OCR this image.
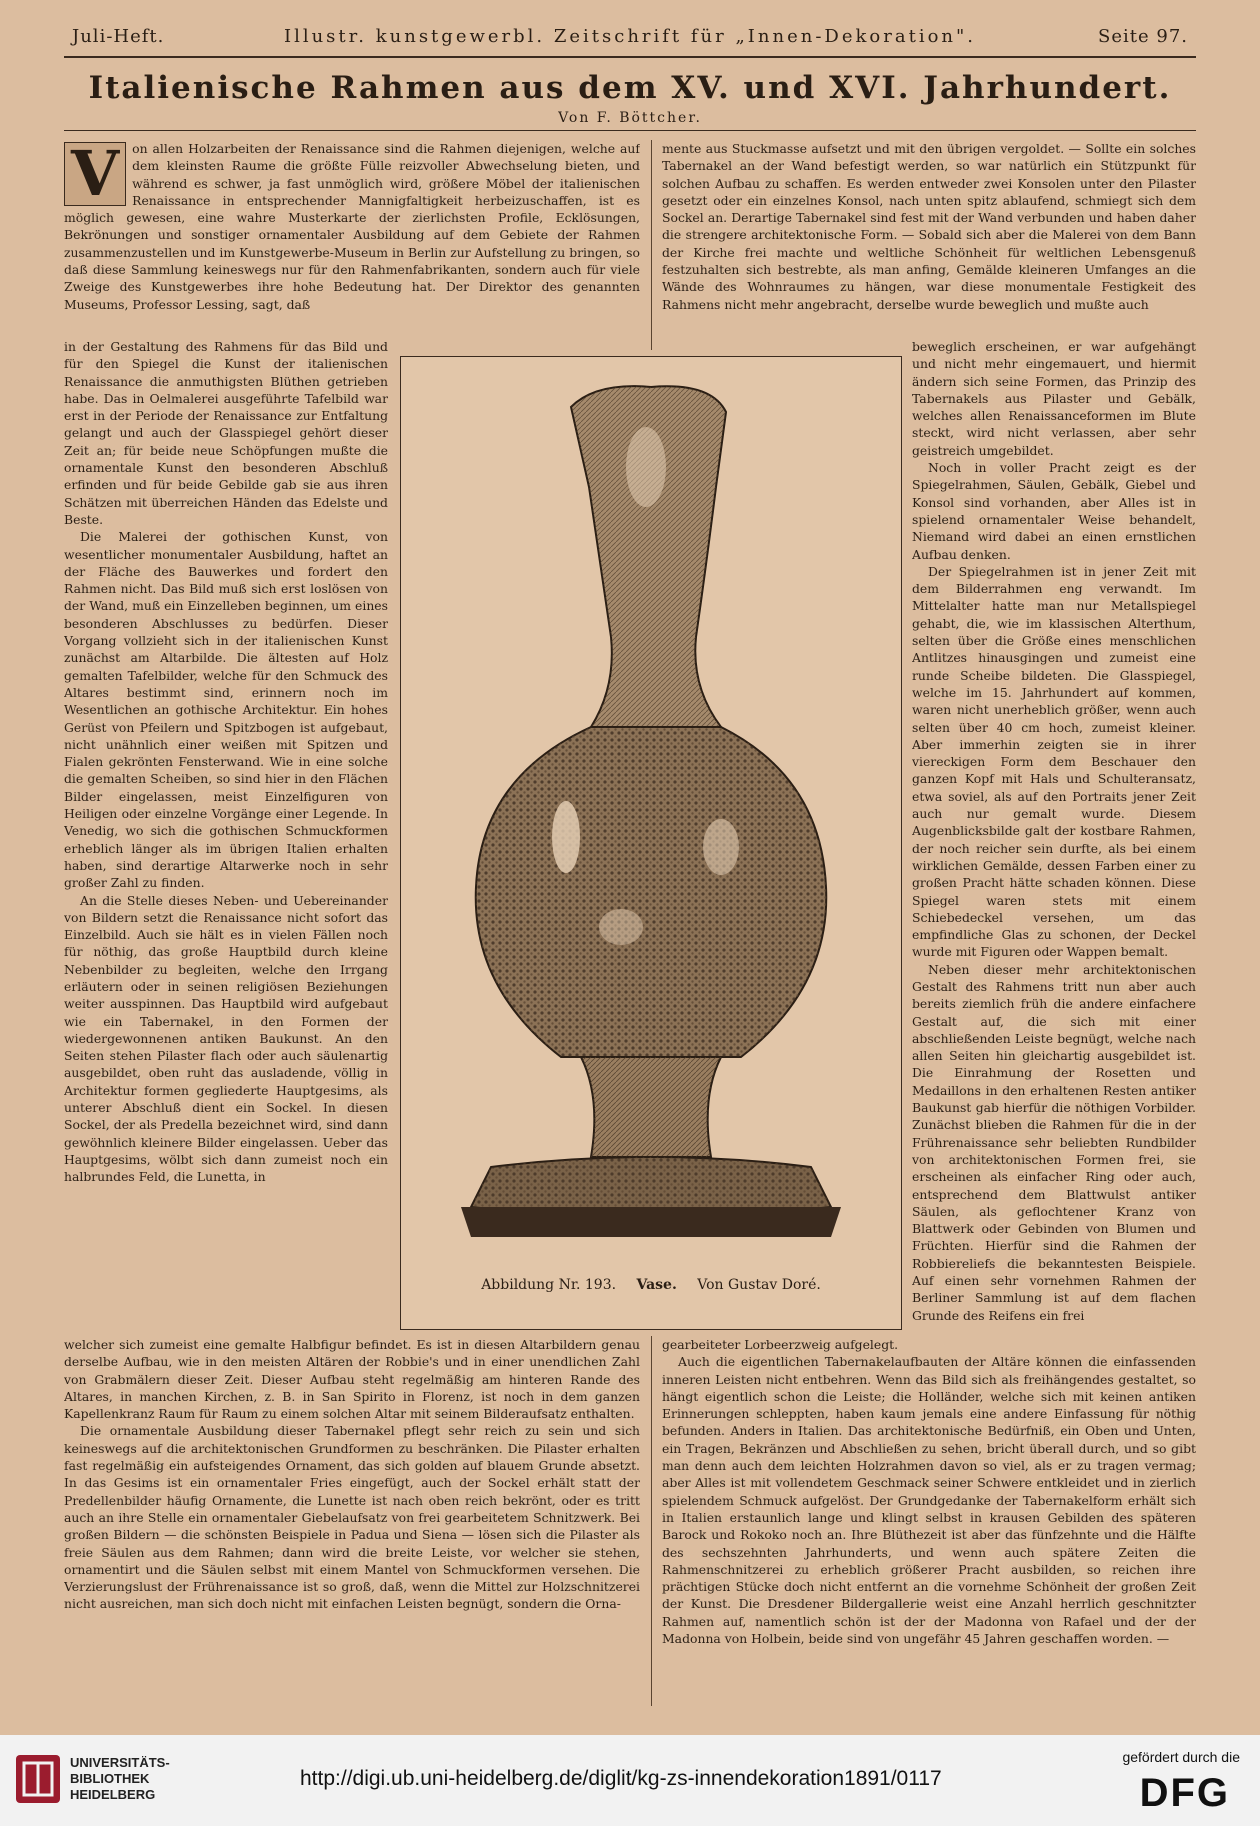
Juli-Heft.	Illustr. kunstgewerbl. Zeitschrift für „Innen-Dekoration".	Seite 97.
Italienische Rahmen aus dem XV. und XVI. Jahrhundert.
Von F. Böttcher.

V	on allen Holzarbeiten der Renaissance sind die Rahmen diejenigen, welche auf dem kleinsten Raume die größte Fülle reizvoller Abwechselung bieten, und während es schwer, ja fast unmöglich wird, größere Möbel der italienischen Renaissance in entsprechender Mannigfaltigkeit herbeizuschaffen, ist es möglich gewesen, eine wahre Musterkarte der zierlichsten Profile, Ecklösungen, Bekrönungen und sonstiger ornamentaler Ausbildung auf dem Gebiete der Rahmen zusammenzustellen und im Kunstgewerbe-Museum in Berlin zur Aufstellung zu bringen, so daß diese Sammlung keineswegs nur für den Rahmenfabrikanten, sondern auch für viele Zweige des Kunstgewerbes ihre hohe Bedeutung hat. Der Direktor des genannten Museums, Professor Lessing, sagt, daß

mente aus Stuckmasse aufsetzt und mit den übrigen vergoldet. — Sollte ein solches Tabernakel an der Wand befestigt werden, so war natürlich ein Stützpunkt für solchen Aufbau zu schaffen. Es werden entweder zwei Konsolen unter den Pilaster gesetzt oder ein einzelnes Konsol, nach unten spitz ablaufend, schmiegt sich dem Sockel an. Derartige Tabernakel sind fest mit der Wand verbunden und haben daher die strengere architektonische Form. — Sobald sich aber die Malerei von dem Bann der Kirche frei machte und weltliche Schönheit für weltlichen Lebensgenuß festzuhalten sich bestrebte, als man anfing, Gemälde kleineren Umfanges an die Wände des Wohnraumes zu hängen, war diese monumentale Festigkeit des Rahmens nicht mehr angebracht, derselbe wurde beweglich und mußte auch

in der Gestaltung des Rahmens für das Bild und für den Spiegel die Kunst der italienischen Renaissance die anmuthigsten Blüthen getrieben habe. Das in Oelmalerei ausgeführte Tafelbild war erst in der Periode der Renaissance zur Entfaltung gelangt und auch der Glasspiegel gehört dieser Zeit an; für beide neue Schöpfungen mußte die ornamentale Kunst den besonderen Abschluß erfinden und für beide Gebilde gab sie aus ihren Schätzen mit überreichen Händen das Edelste und Beste.

Die Malerei der gothischen Kunst, von wesentlicher monumentaler Ausbildung, haftet an der Fläche des Bauwerkes und fordert den Rahmen nicht. Das Bild muß sich erst loslösen von der Wand, muß ein Einzelleben beginnen, um eines besonderen Abschlusses zu bedürfen. Dieser Vorgang vollzieht sich in der italienischen Kunst zunächst am Altarbilde. Die ältesten auf Holz gemalten Tafelbilder, welche für den Schmuck des Altares bestimmt sind, erinnern noch im Wesentlichen an gothische Architektur. Ein hohes Gerüst von Pfeilern und Spitzbogen ist aufgebaut, nicht unähnlich einer weißen mit Spitzen und Fialen gekrönten Fensterwand. Wie in eine solche die gemalten Scheiben, so sind hier in den Flächen Bilder eingelassen, meist Einzelfiguren von Heiligen oder einzelne Vorgänge einer Legende. In Venedig, wo sich die gothischen Schmuckformen erheblich länger als im übrigen Italien erhalten haben, sind derartige Altarwerke noch in sehr großer Zahl zu finden.

An die Stelle dieses Neben- und Uebereinander von Bildern setzt die Renaissance nicht sofort das Einzelbild. Auch sie hält es in vielen Fällen noch für nöthig, das große Hauptbild durch kleine Nebenbilder zu begleiten, welche den Irrgang erläutern oder in seinen religiösen Beziehungen weiter ausspinnen. Das Hauptbild wird aufgebaut wie ein Tabernakel, in den Formen der wiedergewonnenen antiken Baukunst. An den Seiten stehen Pilaster flach oder auch säulenartig ausgebildet, oben ruht das ausladende, völlig in Architektur formen gegliederte Hauptgesims, als unterer Abschluß dient ein Sockel. In diesen Sockel, der als Predella bezeichnet wird, sind dann gewöhnlich kleinere Bilder eingelassen. Ueber das Hauptgesims, wölbt sich dann zumeist noch ein halbrundes Feld, die Lunetta, in

beweglich erscheinen, er war aufgehängt und nicht mehr eingemauert, und hiermit ändern sich seine Formen, das Prinzip des Tabernakels aus Pilaster und Gebälk, welches allen Renaissanceformen im Blute steckt, wird nicht verlassen, aber sehr geistreich umgebildet.

Noch in voller Pracht zeigt es der Spiegelrahmen, Säulen, Gebälk, Giebel und Konsol sind vorhanden, aber Alles ist in spielend ornamentaler Weise behandelt, Niemand wird dabei an einen ernstlichen Aufbau denken.

Der Spiegelrahmen ist in jener Zeit mit dem Bilderrahmen eng verwandt. Im Mittelalter hatte man nur Metallspiegel gehabt, die, wie im klassischen Alterthum, selten über die Größe eines menschlichen Antlitzes hinausgingen und zumeist eine runde Scheibe bildeten. Die Glasspiegel, welche im 15. Jahrhundert auf kommen, waren nicht unerheblich größer, wenn auch selten über 40 cm hoch, zumeist kleiner. Aber immerhin zeigten sie in ihrer viereckigen Form dem Beschauer den ganzen Kopf mit Hals und Schulteransatz, etwa soviel, als auf den Portraits jener Zeit auch nur gemalt wurde. Diesem Augenblicksbilde galt der kostbare Rahmen, der noch reicher sein durfte, als bei einem wirklichen Gemälde, dessen Farben einer zu großen Pracht hätte schaden können. Diese Spiegel waren stets mit einem Schiebedeckel versehen, um das empfindliche Glas zu schonen, der Deckel wurde mit Figuren oder Wappen bemalt.

Neben dieser mehr architektonischen Gestalt des Rahmens tritt nun aber auch bereits ziemlich früh die andere einfachere Gestalt auf, die sich mit einer abschließenden Leiste begnügt, welche nach allen Seiten hin gleichartig ausgebildet ist. Die Einrahmung der Rosetten und Medaillons in den erhaltenen Resten antiker Baukunst gab hierfür die nöthigen Vorbilder. Zunächst blieben die Rahmen für die in der Frührenaissance sehr beliebten Rundbilder von architektonischen Formen frei, sie erscheinen als einfacher Ring oder auch, entsprechend dem Blattwulst antiker Säulen, als geflochtener Kranz von Blattwerk oder Gebinden von Blumen und Früchten. Hierfür sind die Rahmen der Robbiereliefs die bekanntesten Beispiele. Auf einen sehr vornehmen Rahmen der Berliner Sammlung ist auf dem flachen Grunde des Reifens ein frei

Abbildung Nr. 193. Vase. Von Gustav Doré.

welcher sich zumeist eine gemalte Halbfigur befindet. Es ist in diesen Altarbildern genau derselbe Aufbau, wie in den meisten Altären der Robbie's und in einer unendlichen Zahl von Grabmälern dieser Zeit. Dieser Aufbau steht regelmäßig am hinteren Rande des Altares, in manchen Kirchen, z. B. in San Spirito in Florenz, ist noch in dem ganzen Kapellenkranz Raum für Raum zu einem solchen Altar mit seinem Bilderaufsatz enthalten.

Die ornamentale Ausbildung dieser Tabernakel pflegt sehr reich zu sein und sich keineswegs auf die architektonischen Grundformen zu beschränken. Die Pilaster erhalten fast regelmäßig ein aufsteigendes Ornament, das sich golden auf blauem Grunde absetzt. In das Gesims ist ein ornamentaler Fries eingefügt, auch der Sockel erhält statt der Predellenbilder häufig Ornamente, die Lunette ist nach oben reich bekrönt, oder es tritt auch an ihre Stelle ein ornamentaler Giebelaufsatz von frei gearbeitetem Schnitzwerk. Bei großen Bildern — die schönsten Beispiele in Padua und Siena — lösen sich die Pilaster als freie Säulen aus dem Rahmen; dann wird die breite Leiste, vor welcher sie stehen, ornamentirt und die Säulen selbst mit einem Mantel von Schmuckformen versehen. Die Verzierungslust der Frührenaissance ist so groß, daß, wenn die Mittel zur Holzschnitzerei nicht ausreichen, man sich doch nicht mit einfachen Leisten begnügt, sondern die Orna-

gearbeiteter Lorbeerzweig aufgelegt.

Auch die eigentlichen Tabernakelaufbauten der Altäre können die einfassenden inneren Leisten nicht entbehren. Wenn das Bild sich als freihängendes gestaltet, so hängt eigentlich schon die Leiste; die Holländer, welche sich mit keinen antiken Erinnerungen schleppten, haben kaum jemals eine andere Einfassung für nöthig befunden. Anders in Italien. Das architektonische Bedürfniß, ein Oben und Unten, ein Tragen, Bekränzen und Abschließen zu sehen, bricht überall durch, und so gibt man denn auch dem leichten Holzrahmen davon so viel, als er zu tragen vermag; aber Alles ist mit vollendetem Geschmack seiner Schwere entkleidet und in zierlich spielendem Schmuck aufgelöst. Der Grundgedanke der Tabernakelform erhält sich in Italien erstaunlich lange und klingt selbst in krausen Gebilden des späteren Barock und Rokoko noch an. Ihre Blüthezeit ist aber das fünfzehnte und die Hälfte des sechszehnten Jahrhunderts, und wenn auch spätere Zeiten die Rahmenschnitzerei zu erheblich größerer Pracht ausbilden, so reichen ihre prächtigen Stücke doch nicht entfernt an die vornehme Schönheit der großen Zeit der Kunst. Die Dresdener Bildergallerie weist eine Anzahl herrlich geschnitzter Rahmen auf, namentlich schön ist der der Madonna von Rafael und der der Madonna von Holbein, beide sind von ungefähr 45 Jahren geschaffen worden. —

UNIVERSITÄTS-
BIBLIOTHEK
HEIDELBERG
http://digi.ub.uni-heidelberg.de/diglit/kg-zs-innendekoration1891/0117
gefördert durch die
DFG
